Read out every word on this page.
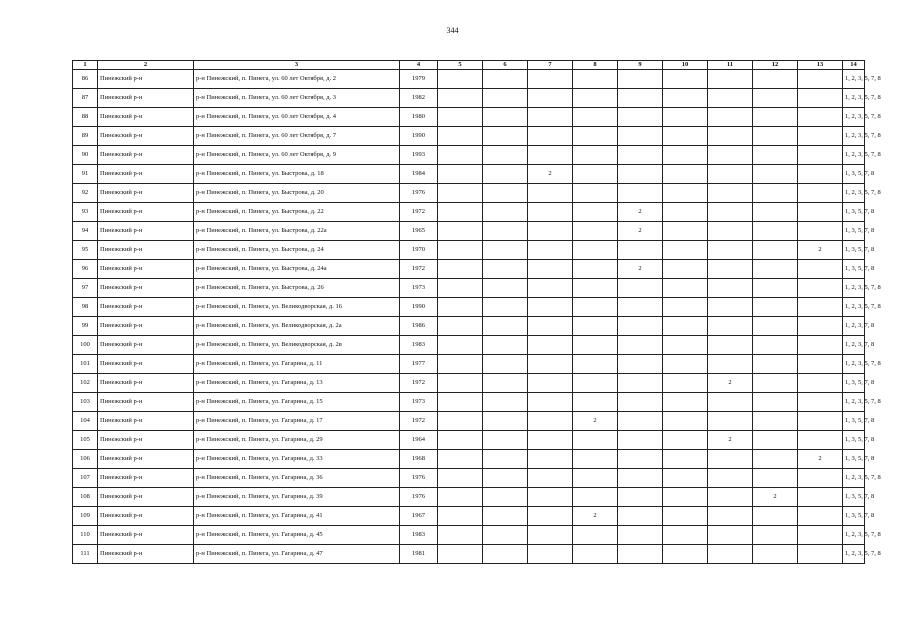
344
1	2	3	4	5	6	7	8	9	10	11	12	13	14
86	Пинежский р-н	р-н Пинежский, п. Пинега, ул. 60 лет Октября, д. 2	1979										1, 2, 3, 5, 7, 8
87	Пинежский р-н	р-н Пинежский, п. Пинега, ул. 60 лет Октября, д. 3	1982										1, 2, 3, 5, 7, 8
88	Пинежский р-н	р-н Пинежский, п. Пинега, ул. 60 лет Октября, д. 4	1980										1, 2, 3, 5, 7, 8
89	Пинежский р-н	р-н Пинежский, п. Пинега, ул. 60 лет Октября, д. 7	1990										1, 2, 3, 5, 7, 8
90	Пинежский р-н	р-н Пинежский, п. Пинега, ул. 60 лет Октября, д. 9	1993										1, 2, 3, 5, 7, 8
91	Пинежский р-н	р-н Пинежский, п. Пинега, ул. Быстрова, д. 18	1984			2							1, 3, 5, 7, 8
92	Пинежский р-н	р-н Пинежский, п. Пинега, ул. Быстрова, д. 20	1976										1, 2, 3, 5, 7, 8
93	Пинежский р-н	р-н Пинежский, п. Пинега, ул. Быстрова, д. 22	1972					2					1, 3, 5, 7, 8
94	Пинежский р-н	р-н Пинежский, п. Пинега, ул. Быстрова, д. 22а	1965					2					1, 3, 5, 7, 8
95	Пинежский р-н	р-н Пинежский, п. Пинега, ул. Быстрова, д. 24	1970									2	1, 3, 5, 7, 8
96	Пинежский р-н	р-н Пинежский, п. Пинега, ул. Быстрова, д. 24а	1972					2					1, 3, 5, 7, 8
97	Пинежский р-н	р-н Пинежский, п. Пинега, ул. Быстрова, д. 26	1973										1, 2, 3, 5, 7, 8
98	Пинежский р-н	р-н Пинежский, п. Пинега, ул. Великодворская, д. 16	1990										1, 2, 3, 5, 7, 8
99	Пинежский р-н	р-н Пинежский, п. Пинега, ул. Великодворская, д. 2а	1986										1, 2, 3, 7, 8
100	Пинежский р-н	р-н Пинежский, п. Пинега, ул. Великодворская, д. 2в	1983										1, 2, 3, 7, 8
101	Пинежский р-н	р-н Пинежский, п. Пинега, ул. Гагарина, д. 11	1977										1, 2, 3, 5, 7, 8
102	Пинежский р-н	р-н Пинежский, п. Пинега, ул. Гагарина, д. 13	1972							2			1, 3, 5, 7, 8
103	Пинежский р-н	р-н Пинежский, п. Пинега, ул. Гагарина, д. 15	1973										1, 2, 3, 5, 7, 8
104	Пинежский р-н	р-н Пинежский, п. Пинега, ул. Гагарина, д. 17	1972				2						1, 3, 5, 7, 8
105	Пинежский р-н	р-н Пинежский, п. Пинега, ул. Гагарина, д. 29	1964							2			1, 3, 5, 7, 8
106	Пинежский р-н	р-н Пинежский, п. Пинега, ул. Гагарина, д. 33	1968									2	1, 3, 5, 7, 8
107	Пинежский р-н	р-н Пинежский, п. Пинега, ул. Гагарина, д. 36	1976										1, 2, 3, 5, 7, 8
108	Пинежский р-н	р-н Пинежский, п. Пинега, ул. Гагарина, д. 39	1976								2		1, 3, 5, 7, 8
109	Пинежский р-н	р-н Пинежский, п. Пинега, ул. Гагарина, д. 41	1967				2						1, 3, 5, 7, 8
110	Пинежский р-н	р-н Пинежский, п. Пинега, ул. Гагарина, д. 45	1983										1, 2, 3, 5, 7, 8
111	Пинежский р-н	р-н Пинежский, п. Пинега, ул. Гагарина, д. 47	1981										1, 2, 3, 5, 7, 8
